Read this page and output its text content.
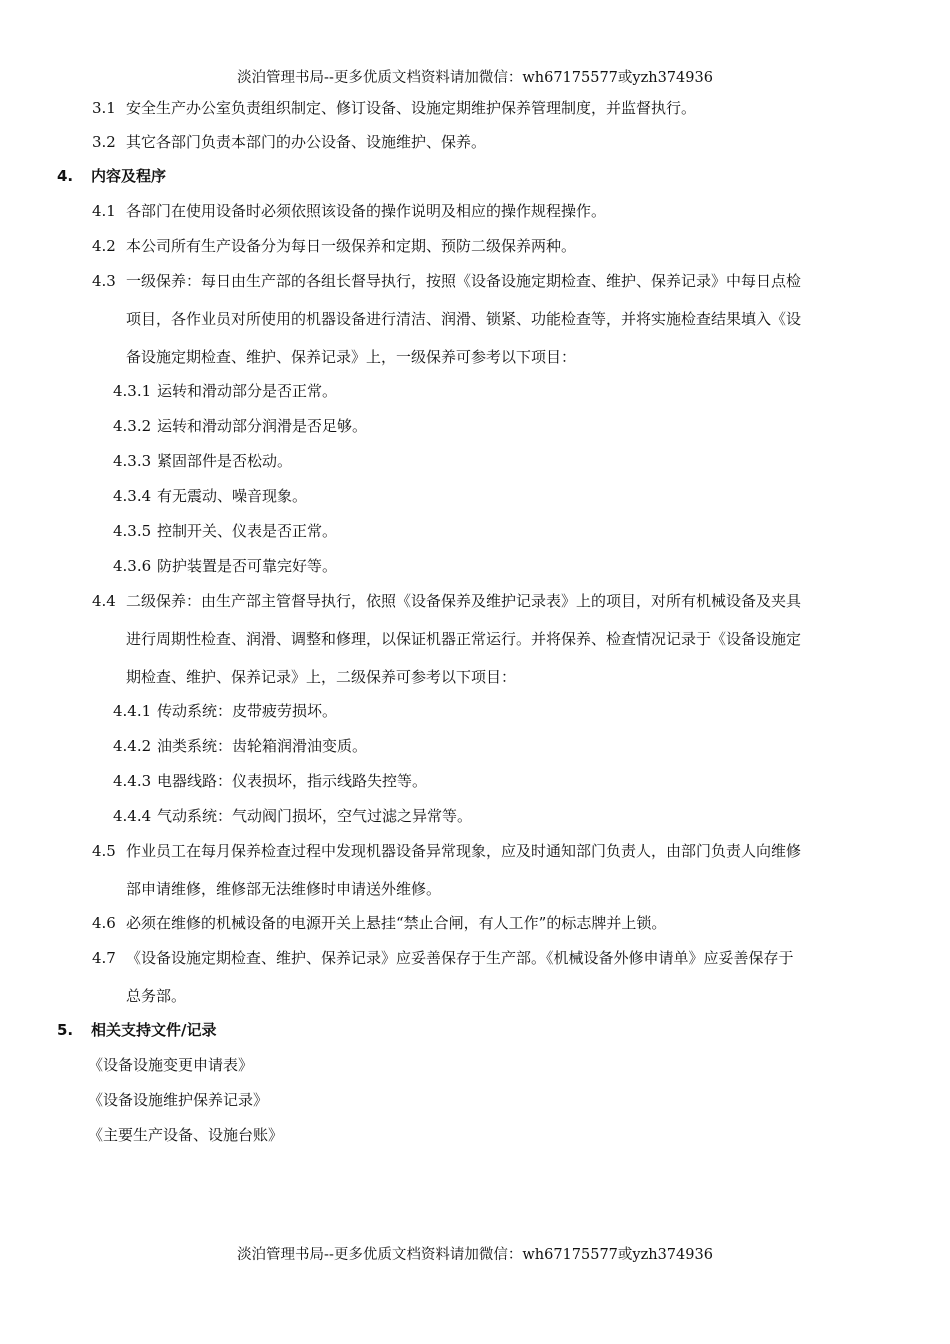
淡泊管理书局--更多优质文档资料请加微信：wh67175577或yzh374936
3.1 安全生产办公室负责组织制定、修订设备、设施定期维护保养管理制度，并监督执行。
3.2 其它各部门负责本部门的办公设备、设施维护、保养。
4. 内容及程序
4.1 各部门在使用设备时必须依照该设备的操作说明及相应的操作规程操作。
4.2 本公司所有生产设备分为每日一级保养和定期、预防二级保养两种。
4.3 一级保养：每日由生产部的各组长督导执行，按照《设备设施定期检查、维护、保养记录》中每日点检
项目，各作业员对所使用的机器设备进行清洁、润滑、锁紧、功能检查等，并将实施检查结果填入《设
备设施定期检查、维护、保养记录》上，一级保养可参考以下项目：
4.3.1 运转和滑动部分是否正常。
4.3.2 运转和滑动部分润滑是否足够。
4.3.3 紧固部件是否松动。
4.3.4 有无震动、噪音现象。
4.3.5 控制开关、仪表是否正常。
4.3.6 防护装置是否可靠完好等。
4.4 二级保养：由生产部主管督导执行，依照《设备保养及维护记录表》上的项目，对所有机械设备及夹具
进行周期性检查、润滑、调整和修理，以保证机器正常运行。并将保养、检查情况记录于《设备设施定
期检查、维护、保养记录》上，二级保养可参考以下项目：
4.4.1 传动系统：皮带疲劳损坏。
4.4.2 油类系统：齿轮箱润滑油变质。
4.4.3 电器线路：仪表损坏，指示线路失控等。
4.4.4 气动系统：气动阀门损坏，空气过滤之异常等。
4.5 作业员工在每月保养检查过程中发现机器设备异常现象，应及时通知部门负责人，由部门负责人向维修
部申请维修，维修部无法维修时申请送外维修。
4.6 必须在维修的机械设备的电源开关上悬挂“禁止合闸，有人工作”的标志牌并上锁。
4.7 《设备设施定期检查、维护、保养记录》应妥善保存于生产部。《机械设备外修申请单》应妥善保存于
总务部。
5. 相关支持文件/记录
《设备设施变更申请表》
《设备设施维护保养记录》
《主要生产设备、设施台账》
淡泊管理书局--更多优质文档资料请加微信：wh67175577或yzh374936
